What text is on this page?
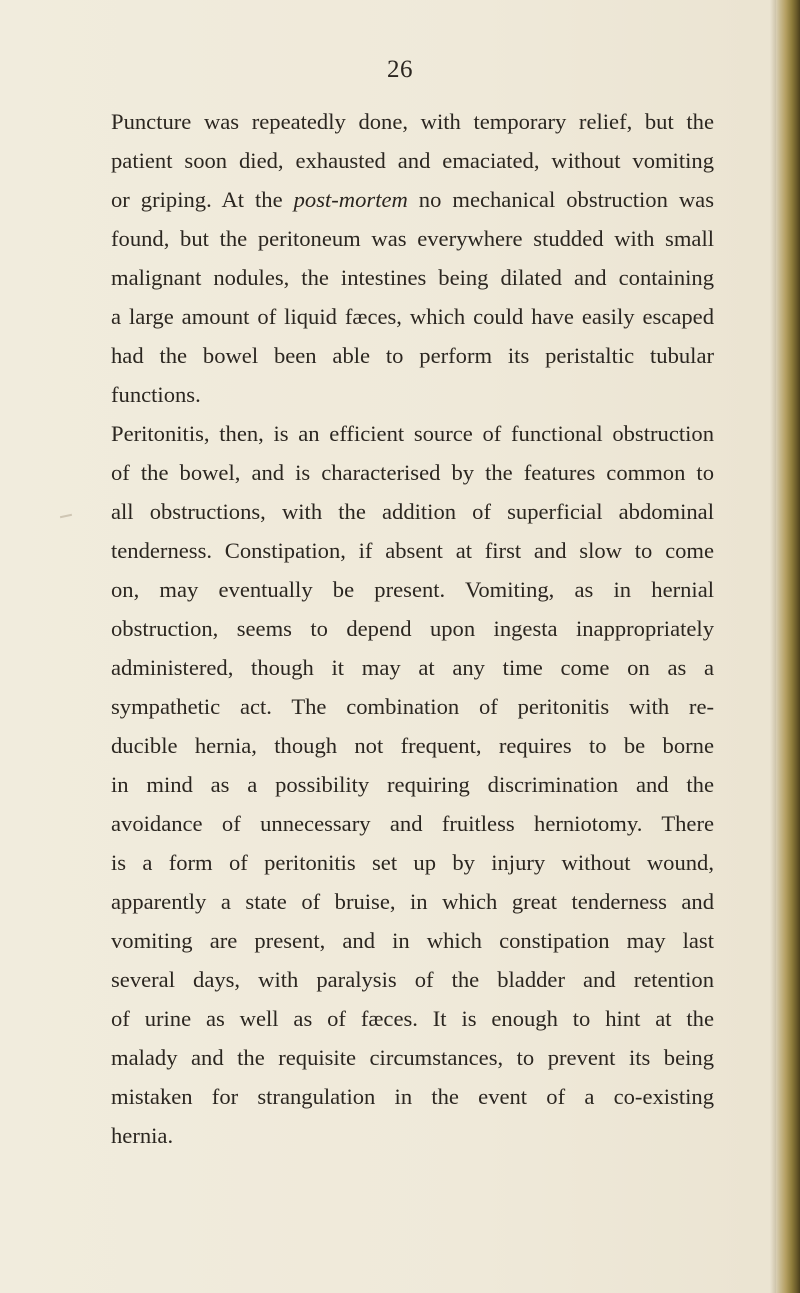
26
Puncture was repeatedly done, with temporary relief, but the
patient soon died, exhausted and emaciated, without vomiting
or griping. At the post-mortem no mechanical obstruction was
found, but the peritoneum was everywhere studded with small
malignant nodules, the intestines being dilated and containing
a large amount of liquid fæces, which could have easily escaped
had the bowel been able to perform its peristaltic tubular
functions.
Peritonitis, then, is an efficient source of functional obstruction
of the bowel, and is characterised by the features common to
all obstructions, with the addition of superficial abdominal
tenderness. Constipation, if absent at first and slow to come
on, may eventually be present. Vomiting, as in hernial
obstruction, seems to depend upon ingesta inappropriately
administered, though it may at any time come on as a
sympathetic act. The combination of peritonitis with re-
ducible hernia, though not frequent, requires to be borne
in mind as a possibility requiring discrimination and the
avoidance of unnecessary and fruitless herniotomy. There
is a form of peritonitis set up by injury without wound,
apparently a state of bruise, in which great tenderness and
vomiting are present, and in which constipation may last
several days, with paralysis of the bladder and retention
of urine as well as of fæces. It is enough to hint at the
malady and the requisite circumstances, to prevent its being
mistaken for strangulation in the event of a co-existing
hernia.
